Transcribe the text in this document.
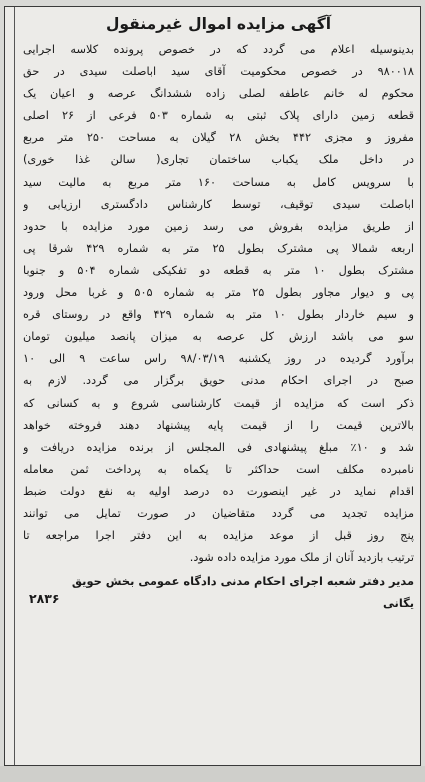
آگهی مزایده اموال غیرمنقول
بدینوسیله اعلام می گردد که در خصوص پرونده کلاسه اجرایی
۹۸۰۰۱۸ در خصوص محکومیت آقای سید اباصلت سیدی در حق
محکوم له خانم عاطفه لصلی زاده ششدانگ عرصه و اعیان یک
قطعه زمین دارای پلاک ثبتی به شماره ۵۰۳ فرعی از ۲۶ اصلی
مفروز و مجزی ۴۴۲ بخش ۲۸ گیلان به مساحت ۲۵۰ متر مربع
در داخل ملک یکباب ساختمان تجاری( سالن غذا خوری)
با سرویس کامل به مساحت ۱۶۰ متر مربع به مالیت سید
اباصلت سیدی توقیف، توسط کارشناس دادگستری ارزیابی و
از طریق مزایده بفروش می رسد زمین مورد مزایده با حدود
اربعه شمالا پی مشترک بطول ۲۵ متر به شماره ۴۲۹ شرقا پی
مشترک بطول ۱۰ متر به قطعه دو تفکیکی شماره ۵۰۴ و جنوبا
پی و دیوار مجاور بطول ۲۵ متر به شماره ۵۰۵ و غربا محل ورود
و سیم خاردار بطول ۱۰ متر به شماره ۴۲۹ واقع در روستای قره
سو می باشد ارزش کل عرصه به میزان پانصد میلیون تومان
برآورد گردیده در روز یکشنبه ۹۸/۰۳/۱۹ راس ساعت ۹ الی ۱۰
صبح در اجرای احکام مدنی حویق برگزار می گردد. لازم به
ذکر است که مزایده از قیمت کارشناسی شروع و به کسانی که
بالاترین قیمت را از قیمت پایه پیشنهاد دهند فروخته خواهد
شد و ۱۰٪ مبلغ پیشنهادی فی المجلس از برنده مزایده دریافت و
نامبرده مکلف است حداکثر تا یکماه به پرداخت ثمن معامله
اقدام نماید در غیر اینصورت ده درصد اولیه به نفع دولت ضبط
مزایده تجدید می گردد متقاضیان در صورت تمایل می توانند
پنج روز قبل از موعد مزایده به این دفتر اجرا مراجعه تا
ترتیب بازدید آنان از ملک مورد مزایده داده شود.
مدیر دفتر شعبه اجرای احکام مدنی دادگاه عمومی بخش حویق
یگانی
۲۸۳۶
